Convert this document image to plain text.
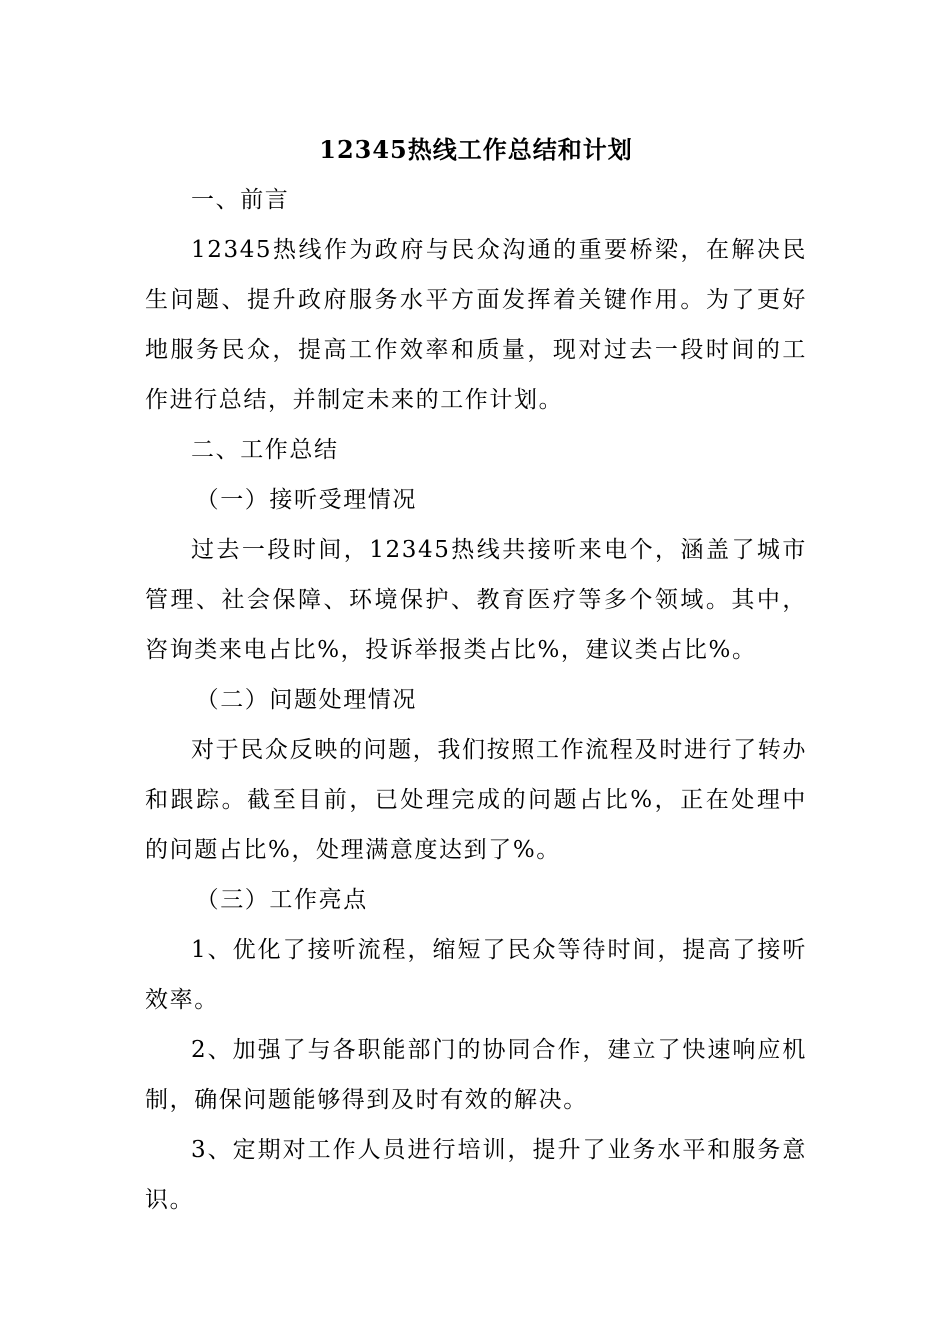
12345热线工作总结和计划

一、前言

12345热线作为政府与民众沟通的重要桥梁，在解决民生问题、提升政府服务水平方面发挥着关键作用。为了更好地服务民众，提高工作效率和质量，现对过去一段时间的工作进行总结，并制定未来的工作计划。

二、工作总结

（一）接听受理情况

过去一段时间，12345热线共接听来电个，涵盖了城市管理、社会保障、环境保护、教育医疗等多个领域。其中，咨询类来电占比%，投诉举报类占比%，建议类占比%。

（二）问题处理情况

对于民众反映的问题，我们按照工作流程及时进行了转办和跟踪。截至目前，已处理完成的问题占比%，正在处理中的问题占比%，处理满意度达到了%。

（三）工作亮点

1、优化了接听流程，缩短了民众等待时间，提高了接听效率。

2、加强了与各职能部门的协同合作，建立了快速响应机制，确保问题能够得到及时有效的解决。

3、定期对工作人员进行培训，提升了业务水平和服务意识。
